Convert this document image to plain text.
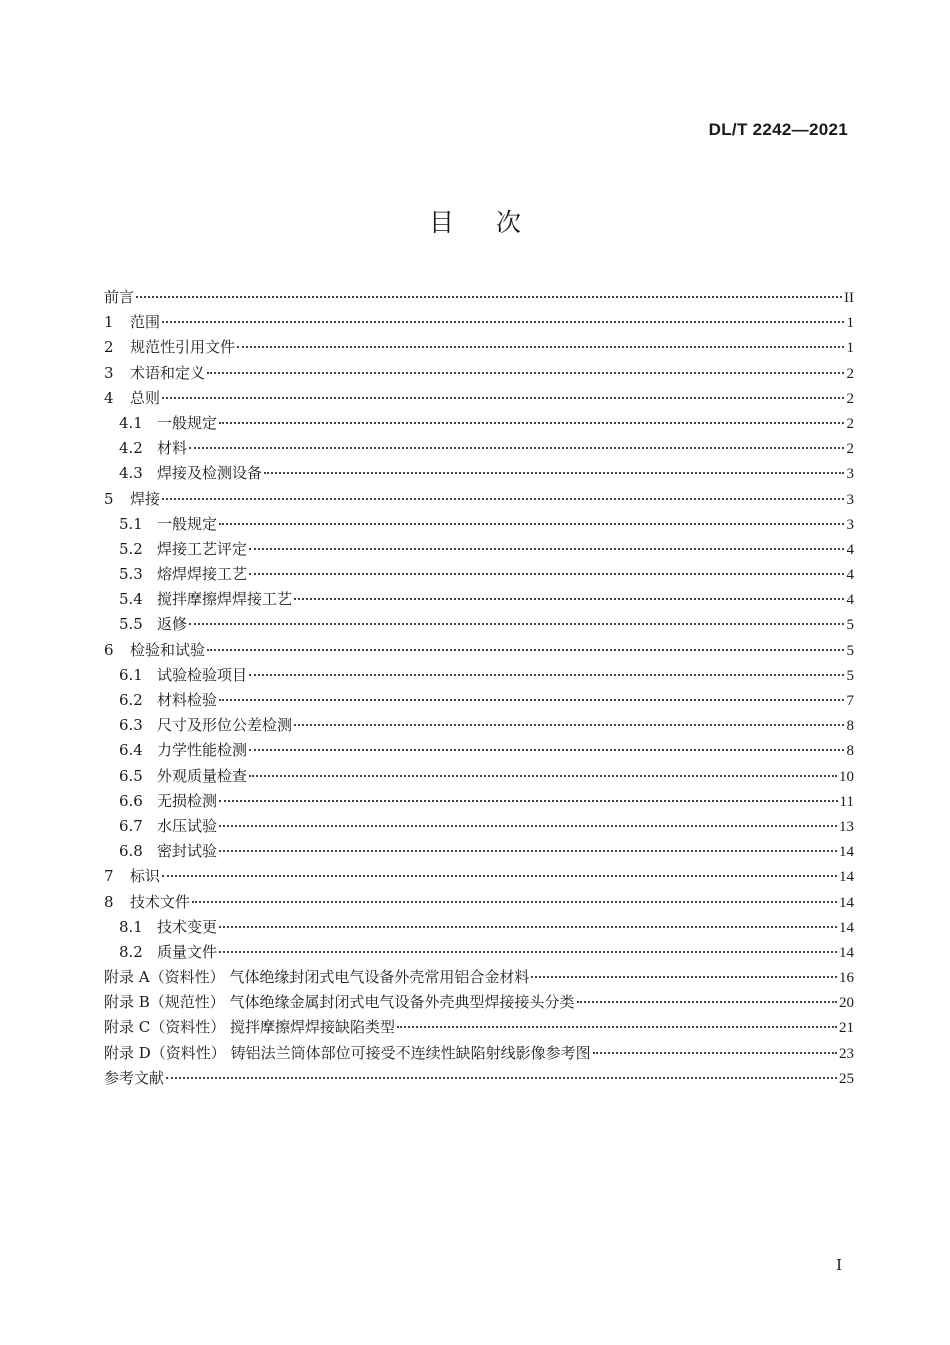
DL/T 2242—2021
目次
前言	II
1	范围	1
2	规范性引用文件	1
3	术语和定义	2
4	总则	2
4.1 一般规定	2
4.2 材料	2
4.3 焊接及检测设备	3
5	焊接	3
5.1 一般规定	3
5.2 焊接工艺评定	4
5.3 熔焊焊接工艺	4
5.4 搅拌摩擦焊焊接工艺	4
5.5 返修	5
6	检验和试验	5
6.1 试验检验项目	5
6.2 材料检验	7
6.3 尺寸及形位公差检测	8
6.4 力学性能检测	8
6.5 外观质量检查	10
6.6 无损检测	11
6.7 水压试验	13
6.8 密封试验	14
7	标识	14
8	技术文件	14
8.1 技术变更	14
8.2 质量文件	14
附录 A（资料性） 气体绝缘封闭式电气设备外壳常用铝合金材料	16
附录 B（规范性） 气体绝缘金属封闭式电气设备外壳典型焊接接头分类	20
附录 C（资料性） 搅拌摩擦焊焊接缺陷类型	21
附录 D（资料性） 铸铝法兰筒体部位可接受不连续性缺陷射线影像参考图	23
参考文献	25
I
